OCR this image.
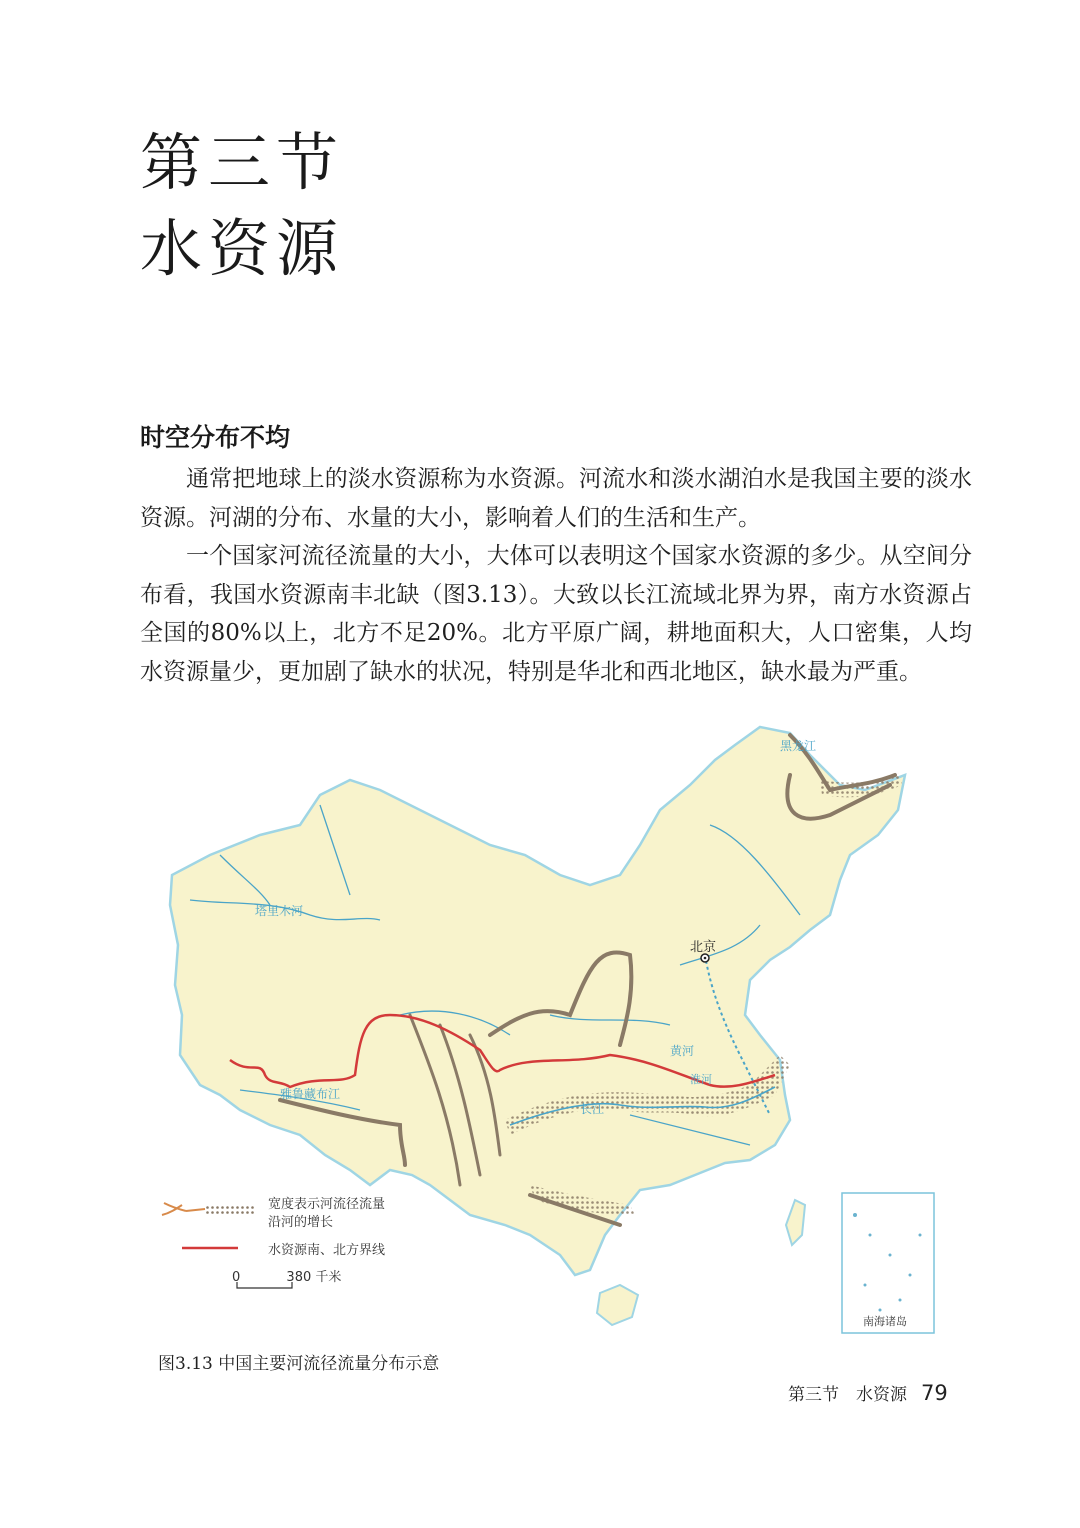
第三节
水资源
时空分布不均

通常把地球上的淡水资源称为水资源。河流水和淡水湖泊水是我国主要的淡水资源。河湖的分布、水量的大小，影响着人们的生活和生产。

一个国家河流径流量的大小，大体可以表明这个国家水资源的多少。从空间分布看，我国水资源南丰北缺（图3.13）。大致以长江流域北界为界，南方水资源占全国的80%以上，北方不足20%。北方平原广阔，耕地面积大，人口密集，人均水资源量少，更加剧了缺水的状况，特别是华北和西北地区，缺水最为严重。

南海诸岛
北京
塔里木河
雅鲁藏布江
黑龙江
黄河
淮河
长江
宽度表示河流径流量
沿河的增长
水资源南、北方界线
0	380 千米
图3.13 中国主要河流径流量分布示意
第三节　水资源 79
